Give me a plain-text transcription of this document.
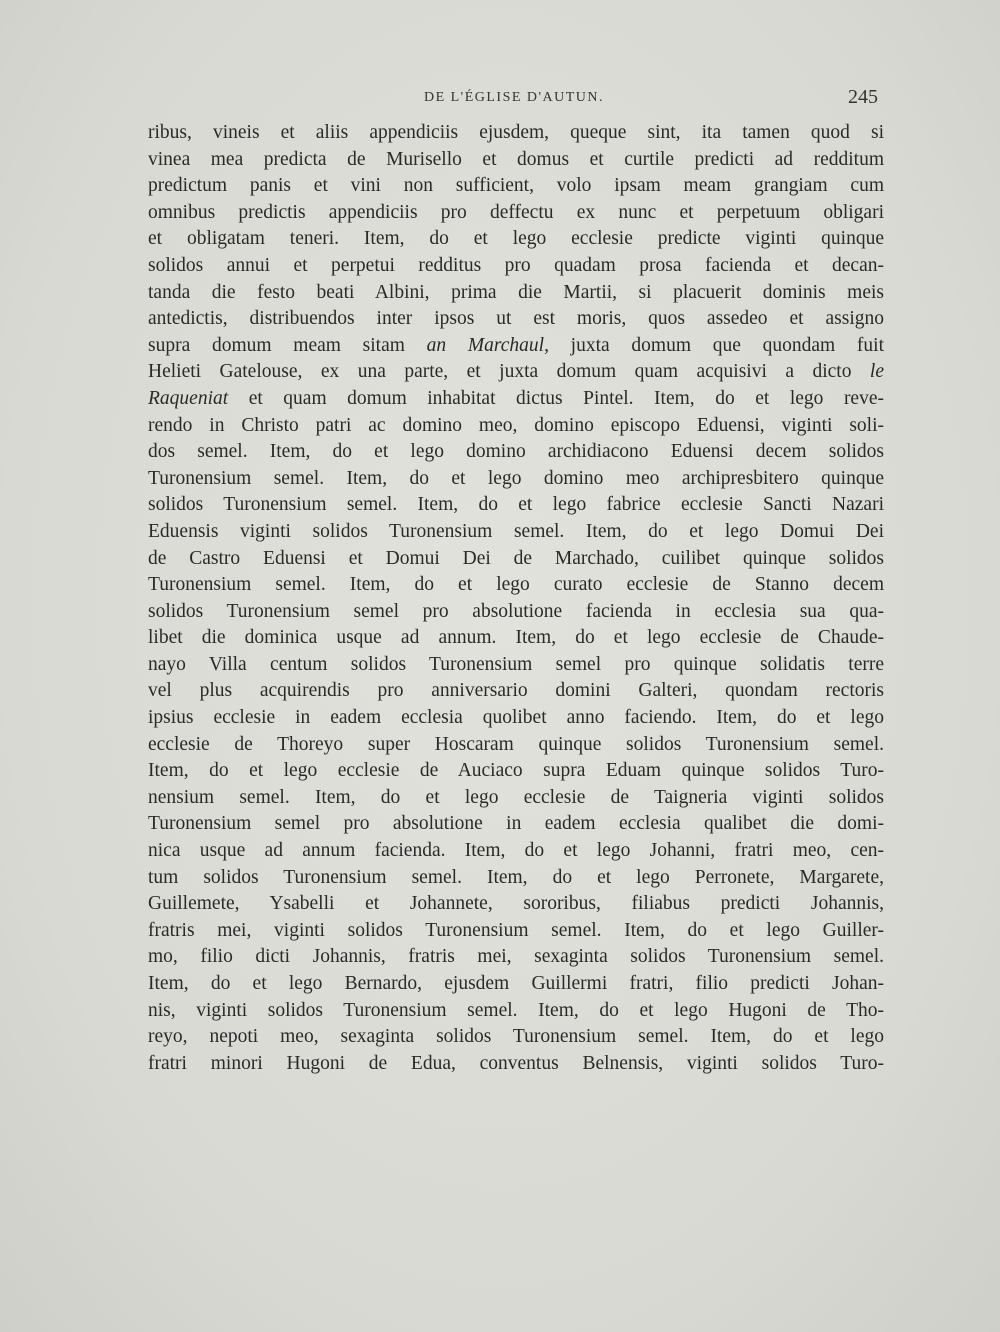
DE L'ÉGLISE D'AUTUN.	245
ribus, vineis et aliis appendiciis ejusdem, queque sint, ita tamen quod si
vinea mea predicta de Murisello et domus et curtile predicti ad redditum
predictum panis et vini non sufficient, volo ipsam meam grangiam cum
omnibus predictis appendiciis pro deffectu ex nunc et perpetuum obligari
et obligatam teneri. Item, do et lego ecclesie predicte viginti quinque
solidos annui et perpetui redditus pro quadam prosa facienda et decan-
tanda die festo beati Albini, prima die Martii, si placuerit dominis meis
antedictis, distribuendos inter ipsos ut est moris, quos assedeo et assigno
supra domum meam sitam an Marchaul, juxta domum que quondam fuit
Helieti Gatelouse, ex una parte, et juxta domum quam acquisivi a dicto le
Raqueniat et quam domum inhabitat dictus Pintel. Item, do et lego reve-
rendo in Christo patri ac domino meo, domino episcopo Eduensi, viginti soli-
dos semel. Item, do et lego domino archidiacono Eduensi decem solidos
Turonensium semel. Item, do et lego domino meo archipresbitero quinque
solidos Turonensium semel. Item, do et lego fabrice ecclesie Sancti Nazari
Eduensis viginti solidos Turonensium semel. Item, do et lego Domui Dei
de Castro Eduensi et Domui Dei de Marchado, cuilibet quinque solidos
Turonensium semel. Item, do et lego curato ecclesie de Stanno decem
solidos Turonensium semel pro absolutione facienda in ecclesia sua qua-
libet die dominica usque ad annum. Item, do et lego ecclesie de Chaude-
nayo Villa centum solidos Turonensium semel pro quinque solidatis terre
vel plus acquirendis pro anniversario domini Galteri, quondam rectoris
ipsius ecclesie in eadem ecclesia quolibet anno faciendo. Item, do et lego
ecclesie de Thoreyo super Hoscaram quinque solidos Turonensium semel.
Item, do et lego ecclesie de Auciaco supra Eduam quinque solidos Turo-
nensium semel. Item, do et lego ecclesie de Taigneria viginti solidos
Turonensium semel pro absolutione in eadem ecclesia qualibet die domi-
nica usque ad annum facienda. Item, do et lego Johanni, fratri meo, cen-
tum solidos Turonensium semel. Item, do et lego Perronete, Margarete,
Guillemete, Ysabelli et Johannete, sororibus, filiabus predicti Johannis,
fratris mei, viginti solidos Turonensium semel. Item, do et lego Guiller-
mo, filio dicti Johannis, fratris mei, sexaginta solidos Turonensium semel.
Item, do et lego Bernardo, ejusdem Guillermi fratri, filio predicti Johan-
nis, viginti solidos Turonensium semel. Item, do et lego Hugoni de Tho-
reyo, nepoti meo, sexaginta solidos Turonensium semel. Item, do et lego
fratri minori Hugoni de Edua, conventus Belnensis, viginti solidos Turo-
